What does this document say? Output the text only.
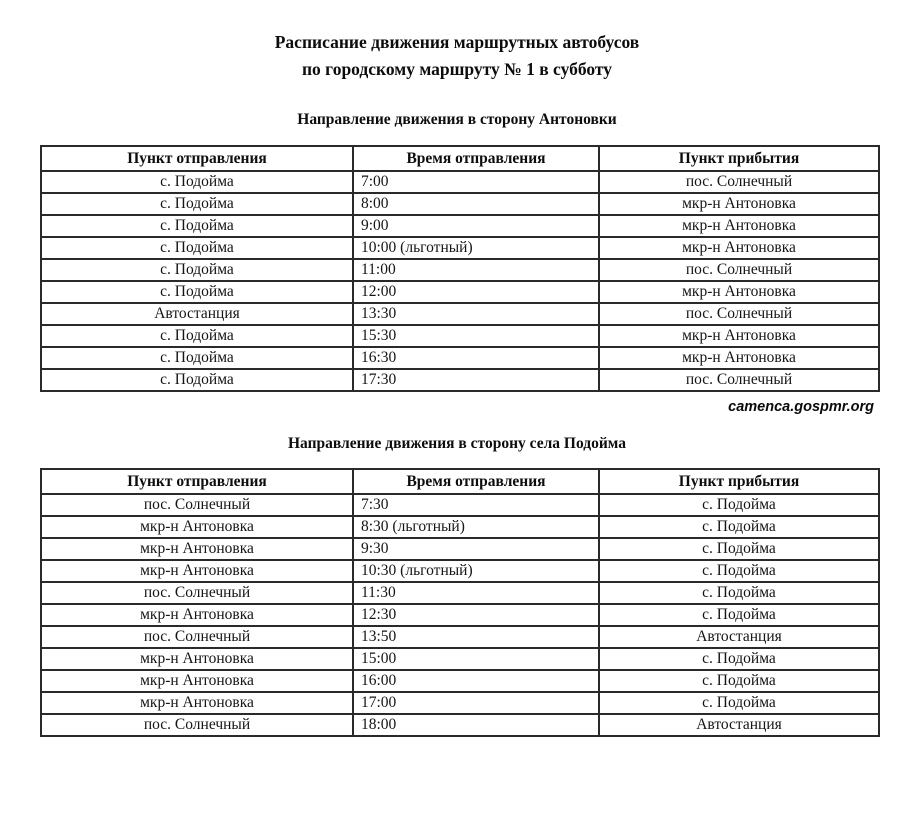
Расписание движения маршрутных автобусов
по городскому маршруту № 1 в субботу
Направление движения в сторону Антоновки
Пункт отправления	Время отправления	Пункт прибытия
с. Подойма	7:00	пос. Солнечный
с. Подойма	8:00	мкр-н Антоновка
с. Подойма	9:00	мкр-н Антоновка
с. Подойма	10:00 (льготный)	мкр-н Антоновка
с. Подойма	11:00	пос. Солнечный
с. Подойма	12:00	мкр-н Антоновка
Автостанция	13:30	пос. Солнечный
с. Подойма	15:30	мкр-н Антоновка
с. Подойма	16:30	мкр-н Антоновка
с. Подойма	17:30	пос. Солнечный
camenca.gospmr.org
Направление движения в сторону села Подойма
Пункт отправления	Время отправления	Пункт прибытия
пос. Солнечный	7:30	с. Подойма
мкр-н Антоновка	8:30 (льготный)	с. Подойма
мкр-н Антоновка	9:30	с. Подойма
мкр-н Антоновка	10:30 (льготный)	с. Подойма
пос. Солнечный	11:30	с. Подойма
мкр-н Антоновка	12:30	с. Подойма
пос. Солнечный	13:50	Автостанция
мкр-н Антоновка	15:00	с. Подойма
мкр-н Антоновка	16:00	с. Подойма
мкр-н Антоновка	17:00	с. Подойма
пос. Солнечный	18:00	Автостанция
